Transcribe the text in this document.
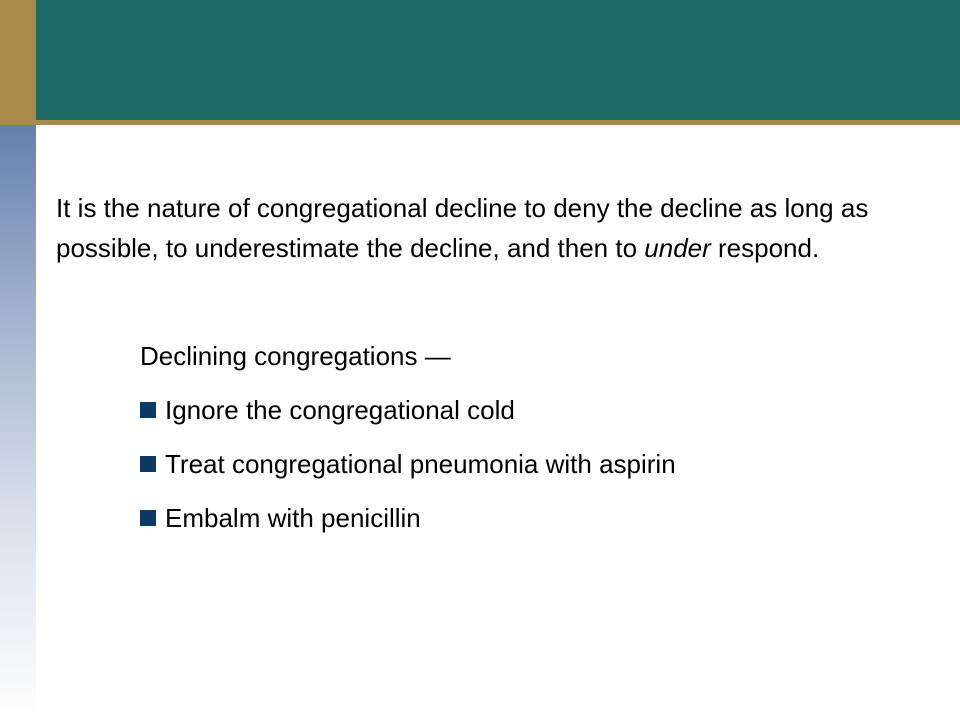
It is the nature of congregational decline to deny the decline as long as possible, to underestimate the decline, and then to under respond.

Declining congregations —
Ignore the congregational cold
Treat congregational pneumonia with aspirin
Embalm with penicillin
